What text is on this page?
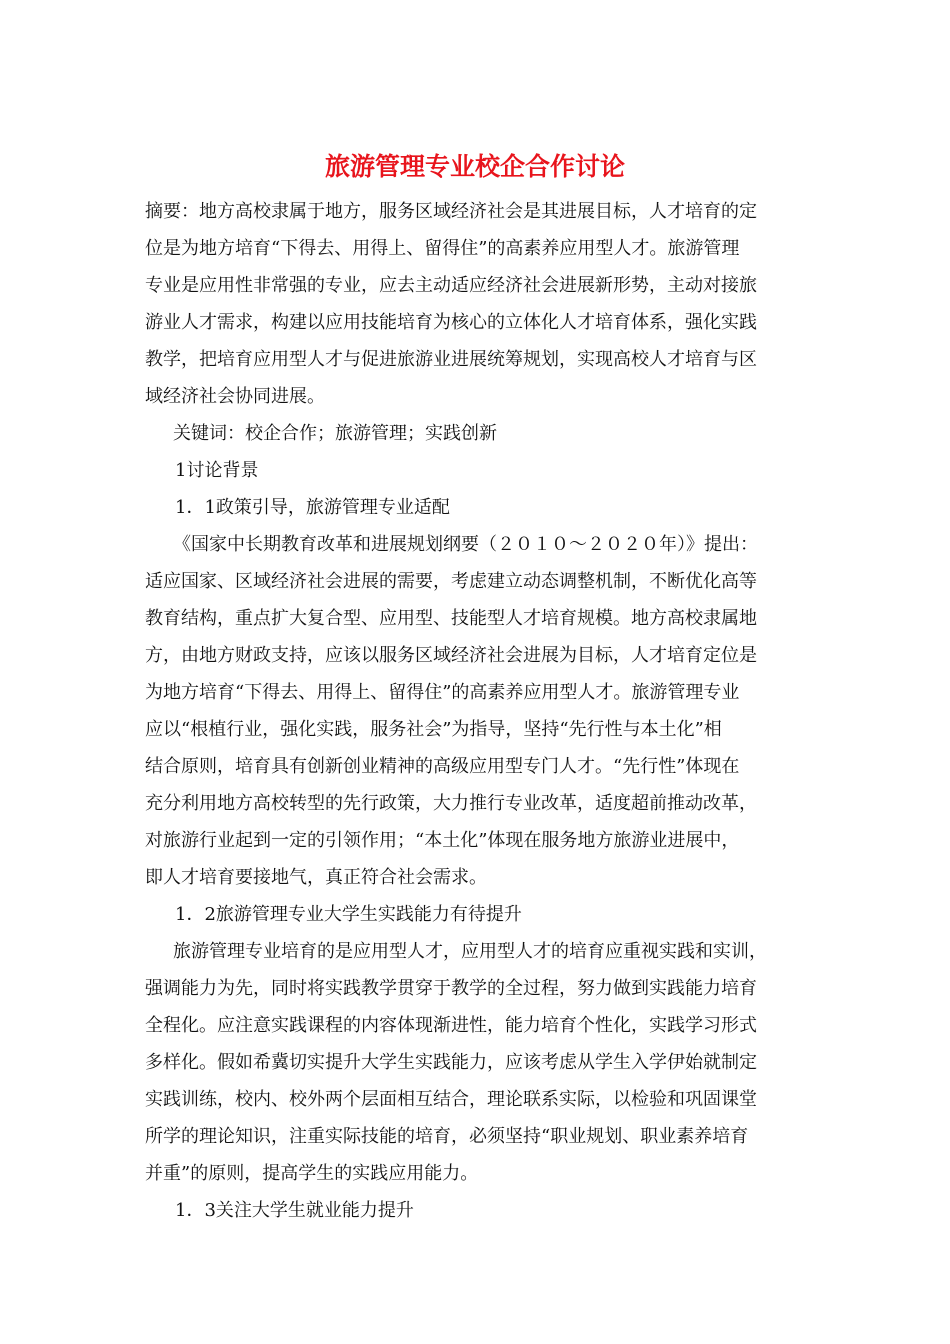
旅游管理专业校企合作讨论
摘要：地方高校隶属于地方，服务区域经济社会是其进展目标，人才培育的定
位是为地方培育“下得去、用得上、留得住”的高素养应用型人才。旅游管理
专业是应用性非常强的专业，应去主动适应经济社会进展新形势，主动对接旅
游业人才需求，构建以应用技能培育为核心的立体化人才培育体系，强化实践
教学，把培育应用型人才与促进旅游业进展统筹规划，实现高校人才培育与区
域经济社会协同进展。
关键词：校企合作；旅游管理；实践创新
1讨论背景
1．1政策引导，旅游管理专业适配
《国家中长期教育改革和进展规划纲要（２０１０～２０２０年）》提出：
适应国家、区域经济社会进展的需要，考虑建立动态调整机制，不断优化高等
教育结构，重点扩大复合型、应用型、技能型人才培育规模。地方高校隶属地
方，由地方财政支持，应该以服务区域经济社会进展为目标，人才培育定位是
为地方培育“下得去、用得上、留得住”的高素养应用型人才。旅游管理专业
应以“根植行业，强化实践，服务社会”为指导，坚持“先行性与本土化”相
结合原则，培育具有创新创业精神的高级应用型专门人才。“先行性”体现在
充分利用地方高校转型的先行政策，大力推行专业改革，适度超前推动改革，
对旅游行业起到一定的引领作用；“本土化”体现在服务地方旅游业进展中，
即人才培育要接地气，真正符合社会需求。
1．2旅游管理专业大学生实践能力有待提升
旅游管理专业培育的是应用型人才，应用型人才的培育应重视实践和实训，
强调能力为先，同时将实践教学贯穿于教学的全过程，努力做到实践能力培育
全程化。应注意实践课程的内容体现渐进性，能力培育个性化，实践学习形式
多样化。假如希冀切实提升大学生实践能力，应该考虑从学生入学伊始就制定
实践训练，校内、校外两个层面相互结合，理论联系实际，以检验和巩固课堂
所学的理论知识，注重实际技能的培育，必须坚持“职业规划、职业素养培育
并重”的原则，提高学生的实践应用能力。
1．3关注大学生就业能力提升
